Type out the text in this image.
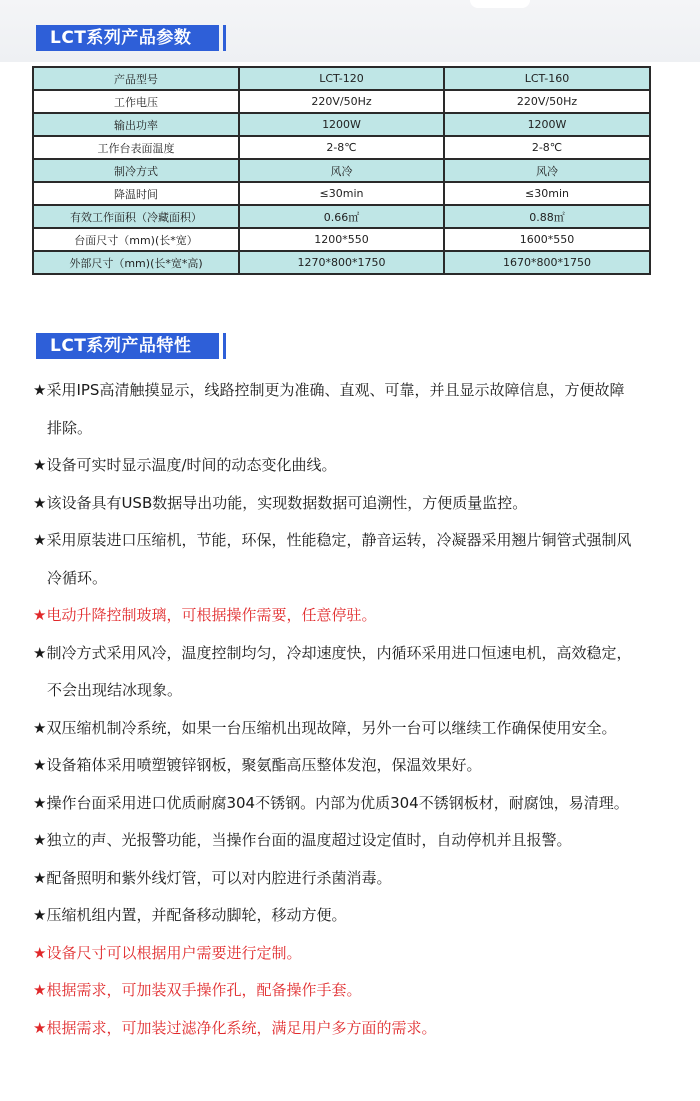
LCT系列产品参数
产品型号	LCT-120	LCT-160
工作电压	220V/50Hz	220V/50Hz
输出功率	1200W	1200W
工作台表面温度	2-8℃	2-8℃
制冷方式	风冷	风冷
降温时间	≤30min	≤30min
有效工作面积（冷藏面积）	0.66㎡	0.88㎡
台面尺寸（mm)(长*宽）	1200*550	1600*550
外部尺寸（mm)(长*宽*高)	1270*800*1750	1670*800*1750
LCT系列产品特性
★采用IPS高清触摸显示，线路控制更为准确、直观、可靠，并且显示故障信息，方便故障
排除。
★设备可实时显示温度/时间的动态变化曲线。
★该设备具有USB数据导出功能，实现数据数据可追溯性，方便质量监控。
★采用原装进口压缩机，节能，环保，性能稳定，静音运转，冷凝器采用翘片铜管式强制风
冷循环。
★电动升降控制玻璃，可根据操作需要，任意停驻。
★制冷方式采用风冷，温度控制均匀，冷却速度快，内循环采用进口恒速电机，高效稳定，
不会出现结冰现象。
★双压缩机制冷系统，如果一台压缩机出现故障，另外一台可以继续工作确保使用安全。
★设备箱体采用喷塑镀锌钢板，聚氨酯高压整体发泡，保温效果好。
★操作台面采用进口优质耐腐304不锈钢。内部为优质304不锈钢板材，耐腐蚀，易清理。
★独立的声、光报警功能，当操作台面的温度超过设定值时，自动停机并且报警。
★配备照明和紫外线灯管，可以对内腔进行杀菌消毒。
★压缩机组内置，并配备移动脚轮，移动方便。
★设备尺寸可以根据用户需要进行定制。
★根据需求，可加装双手操作孔，配备操作手套。
★根据需求，可加装过滤净化系统，满足用户多方面的需求。
